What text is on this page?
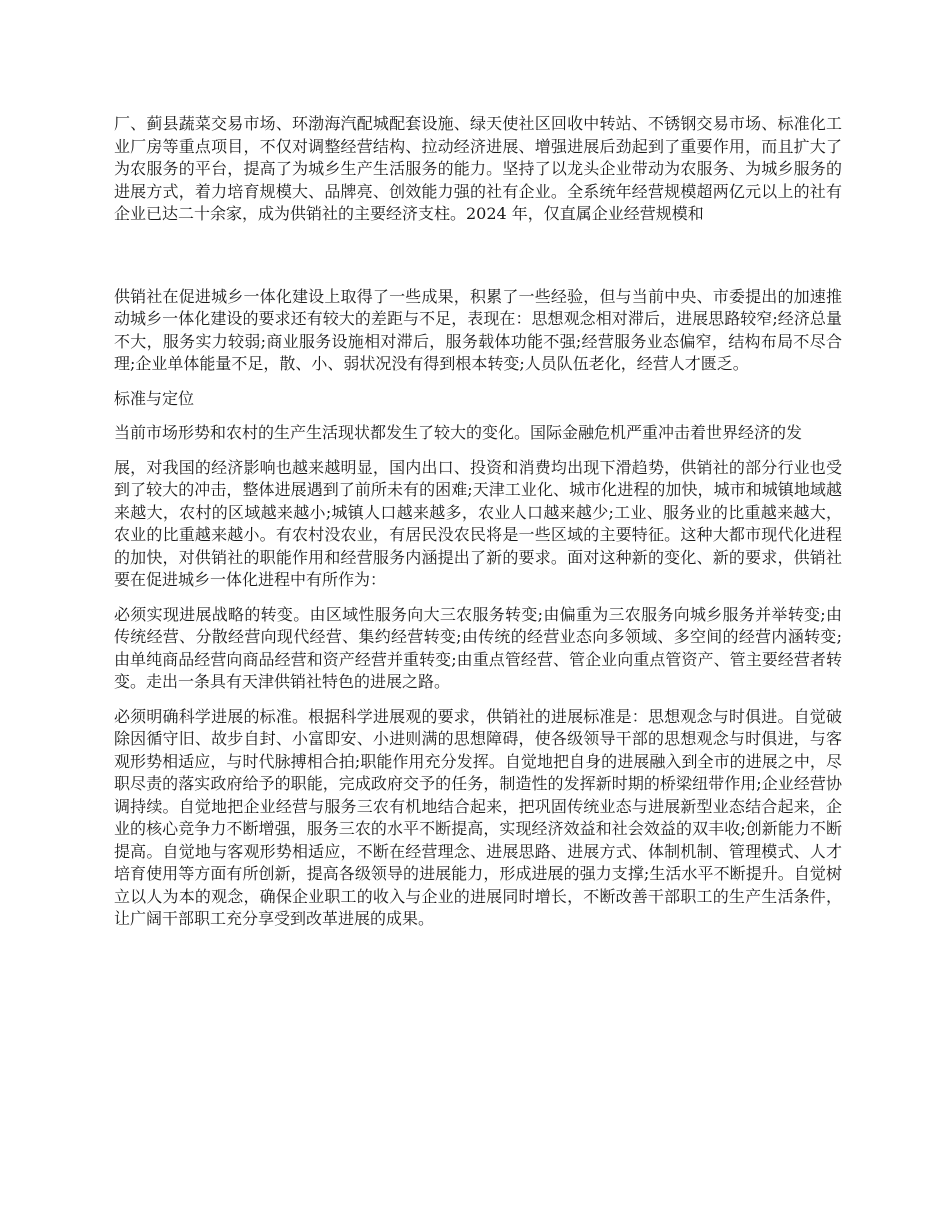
厂、蓟县蔬菜交易市场、环渤海汽配城配套设施、绿天使社区回收中转站、不锈钢交易市场、标准化工业厂房等重点项目，不仅对调整经营结构、拉动经济进展、增强进展后劲起到了重要作用，而且扩大了为农服务的平台，提高了为城乡生产生活服务的能力。坚持了以龙头企业带动为农服务、为城乡服务的进展方式，着力培育规模大、品牌亮、创效能力强的社有企业。全系统年经营规模超两亿元以上的社有企业已达二十余家，成为供销社的主要经济支柱。2024 年，仅直属企业经营规模和

供销社在促进城乡一体化建设上取得了一些成果，积累了一些经验，但与当前中央、市委提出的加速推动城乡一体化建设的要求还有较大的差距与不足，表现在：思想观念相对滞后，进展思路较窄;经济总量不大，服务实力较弱;商业服务设施相对滞后，服务载体功能不强;经营服务业态偏窄，结构布局不尽合理;企业单体能量不足，散、小、弱状况没有得到根本转变;人员队伍老化，经营人才匮乏。

标准与定位

当前市场形势和农村的生产生活现状都发生了较大的变化。国际金融危机严重冲击着世界经济的发

展，对我国的经济影响也越来越明显，国内出口、投资和消费均出现下滑趋势，供销社的部分行业也受到了较大的冲击，整体进展遇到了前所未有的困难;天津工业化、城市化进程的加快，城市和城镇地域越来越大，农村的区域越来越小;城镇人口越来越多，农业人口越来越少;工业、服务业的比重越来越大，农业的比重越来越小。有农村没农业，有居民没农民将是一些区域的主要特征。这种大都市现代化进程的加快，对供销社的职能作用和经营服务内涵提出了新的要求。面对这种新的变化、新的要求，供销社要在促进城乡一体化进程中有所作为：

必须实现进展战略的转变。由区域性服务向大三农服务转变;由偏重为三农服务向城乡服务并举转变;由传统经营、分散经营向现代经营、集约经营转变;由传统的经营业态向多领域、多空间的经营内涵转变;由单纯商品经营向商品经营和资产经营并重转变;由重点管经营、管企业向重点管资产、管主要经营者转变。走出一条具有天津供销社特色的进展之路。

必须明确科学进展的标准。根据科学进展观的要求，供销社的进展标准是：思想观念与时俱进。自觉破除因循守旧、故步自封、小富即安、小进则满的思想障碍，使各级领导干部的思想观念与时俱进，与客观形势相适应，与时代脉搏相合拍;职能作用充分发挥。自觉地把自身的进展融入到全市的进展之中，尽职尽责的落实政府给予的职能，完成政府交予的任务，制造性的发挥新时期的桥梁纽带作用;企业经营协调持续。自觉地把企业经营与服务三农有机地结合起来，把巩固传统业态与进展新型业态结合起来，企业的核心竞争力不断增强，服务三农的水平不断提高，实现经济效益和社会效益的双丰收;创新能力不断提高。自觉地与客观形势相适应，不断在经营理念、进展思路、进展方式、体制机制、管理模式、人才培育使用等方面有所创新，提高各级领导的进展能力，形成进展的强力支撑;生活水平不断提升。自觉树立以人为本的观念，确保企业职工的收入与企业的进展同时增长，不断改善干部职工的生产生活条件，让广阔干部职工充分享受到改革进展的成果。
